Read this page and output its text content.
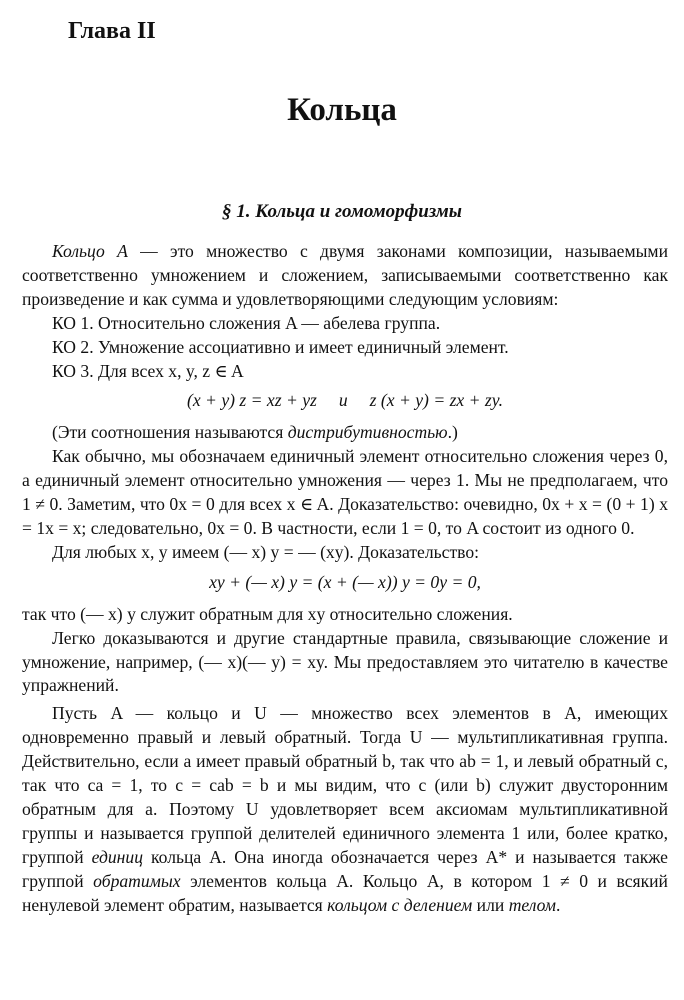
Глава II
Кольца
§ 1. Кольца и гомоморфизмы

Кольцо A — это множество с двумя законами композиции, называемыми соответственно умножением и сложением, записываемыми соответственно как произведение и как сумма и удовлетворяющими следующим условиям:

КО 1. Относительно сложения A — абелева группа.

КО 2. Умножение ассоциативно и имеет единичный элемент.

КО 3. Для всех x, y, z ∈ A

(x + y) z = xz + yz     и     z (x + y) = zx + zy.

(Эти соотношения называются дистрибутивностью.)

Как обычно, мы обозначаем единичный элемент относительно сложения через 0, а единичный элемент относительно умножения — через 1. Мы не предполагаем, что 1 ≠ 0. Заметим, что 0x = 0 для всех x ∈ A. Доказательство: очевидно, 0x + x = (0 + 1) x = 1x = x; следовательно, 0x = 0. В частности, если 1 = 0, то A состоит из одного 0.

Для любых x, y имеем (— x) y = — (xy). Доказательство:

xy + (— x) y = (x + (— x)) y = 0y = 0,

так что (— x) y служит обратным для xy относительно сложения.

Легко доказываются и другие стандартные правила, связывающие сложение и умножение, например, (— x)(— y) = xy. Мы предоставляем это читателю в качестве упражнений.

Пусть A — кольцо и U — множество всех элементов в A, имеющих одновременно правый и левый обратный. Тогда U — мультипликативная группа. Действительно, если a имеет правый обратный b, так что ab = 1, и левый обратный c, так что ca = 1, то c = cab = b и мы видим, что c (или b) служит двусторонним обратным для a. Поэтому U удовлетворяет всем аксиомам мультипликативной группы и называется группой делителей единичного элемента 1 или, более кратко, группой единиц кольца A. Она иногда обозначается через A* и называется также группой обратимых элементов кольца A. Кольцо A, в котором 1 ≠ 0 и всякий ненулевой элемент обратим, называется кольцом с делением или телом.
